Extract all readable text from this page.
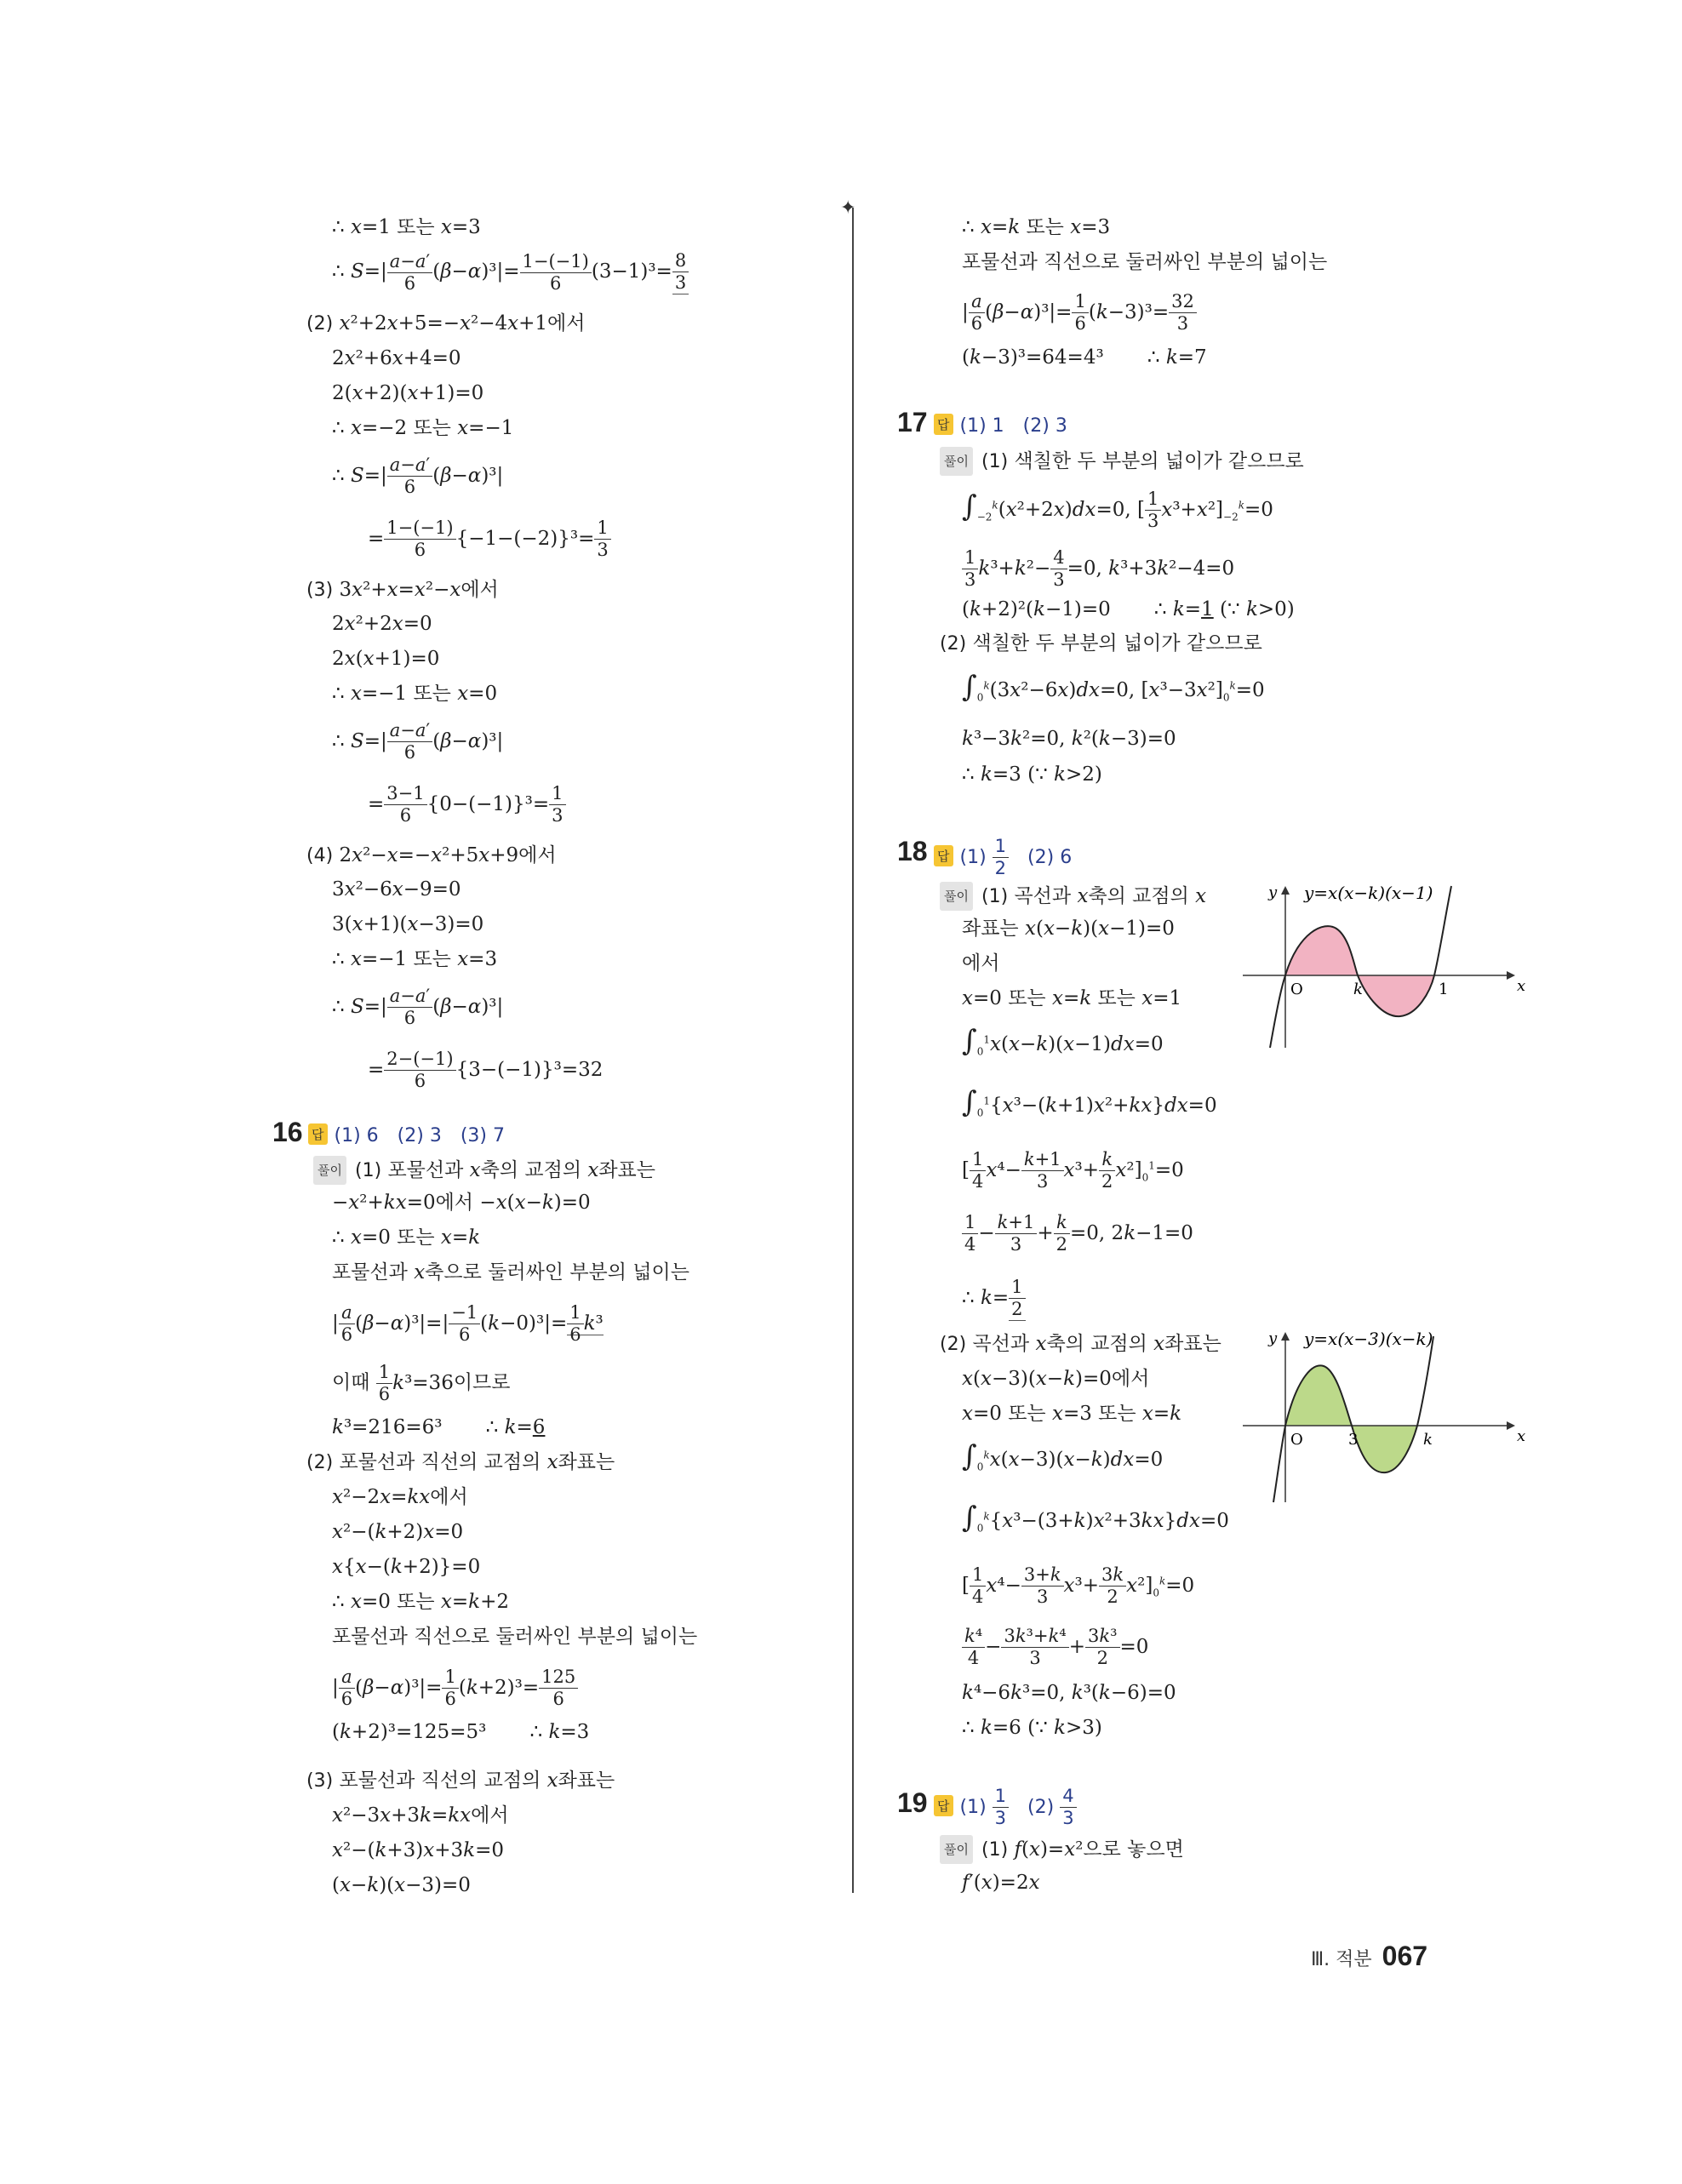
✦
∴ x=1 또는 x=3
∴ $S=| \frac{a-a'}{6} (\beta-\alpha)^3|= \frac{1-(-1)}{6} (3-1)^3= \frac{8}{3}$
(2) x²+2x+5=−x²−4x+1에서
2x²+6x+4=0
2(x+2)(x+1)=0
∴ x=−2 또는 x=−1
∴ $S=| \frac{a-a'}{6} (\beta-\alpha)^3|$
= $\frac{1-(-1)}{6} \{-1-(-2)\}^3= \frac{1}{3}$
(3) 3x²+x=x²−x에서
2x²+2x=0
2x(x+1)=0
∴ x=−1 또는 x=0
∴ $S=| \frac{a-a'}{6} (\beta-\alpha)^3|$
= $\frac{3-1}{6} \{0-(-1)\}^3= \frac{1}{3}$
(4) 2x²−x=−x²+5x+9에서
3x²−6x−9=0
3(x+1)(x−3)=0
∴ x=−1 또는 x=3
∴ $S=| \frac{a-a'}{6} (\beta-\alpha)^3|$
= $\frac{2-(-1)}{6} \{3-(-1)\}^3=32$
16 답 (1) 6 (2) 3 (3) 7
풀이 (1) 포물선과 x축의 교점의 x좌표는
−x²+kx=0에서 −x(x−k)=0
∴ x=0 또는 x=k
포물선과 x축으로 둘러싸인 부분의 넓이는
| $\frac{a}{6} (\beta-\alpha)^3|=| \frac{-1}{6} (k-0)^3|= \frac{1}{6} k^3$
이때 $\frac{1}{6} k^3=36$이므로
k³=216=6³       ∴ k=6
(2) 포물선과 직선의 교점의 x좌표는
x²−2x=kx에서
x²−(k+2)x=0
x{x−(k+2)}=0
∴ x=0 또는 x=k+2
포물선과 직선으로 둘러싸인 부분의 넓이는
| $\frac{a}{6} (\beta-\alpha)^3|= \frac{1}{6} (k+2)^3= \frac{125}{6}$
(k+2)³=125=5³       ∴ k=3
(3) 포물선과 직선의 교점의 x좌표는
x²−3x+3k=kx에서
x²−(k+3)x+3k=0
(x−k)(x−3)=0
∴ x=k 또는 x=3
포물선과 직선으로 둘러싸인 부분의 넓이는
| $\frac{a}{6} (\beta-\alpha)^3|= \frac{1}{6} (k-3)^3= \frac{32}{3}$
(k−3)³=64=4³       ∴ k=7
17 답 (1) 1 (2) 3
풀이 (1) 색칠한 두 부분의 넓이가 같으므로
$\int_{-2}^k(x^2+2x)dx=0$, [ $\frac{1}{3} x^3+x^2]_{-2}^k=0$
$\frac{1}{3} k^3+k^2- \frac{4}{3} =0$, k³+3k²−4=0
(k+2)²(k−1)=0       ∴ k=1 (∵ k>0)
(2) 색칠한 두 부분의 넓이가 같으므로
$\int_0^k(3x^2-6x)dx=0$, $[x^3-3x^2]_0^k=0$
k³−3k²=0, k²(k−3)=0
∴ k=3 (∵ k>2)
18 답 $(1) \frac{1}{2} (2)$ 6
풀이 (1) 곡선과 x축의 교점의 x
좌표는 x(x−k)(x−1)=0
에서
x=0 또는 x=k 또는 x=1
$\int_0^1x(x-k)(x-1)dx=0$
$\int_0^1\{x^3-(k+1)x^2+kx\}dx=0$
[ $\frac{1}{4} x^4- \frac{k+1}{3} x^3+ \frac{k}{2} x^2]_0^1=0$
$\frac{1}{4} - \frac{k+1}{3} + \frac{k}{2} =0$, 2k−1=0
∴ $k= \frac{1}{2}$
(2) 곡선과 x축의 교점의 x좌표는
x(x−3)(x−k)=0에서
x=0 또는 x=3 또는 x=k
$\int_0^kx(x-3)(x-k)dx=0$
$\int_0^k\{x^3-(3+k)x^2+3kx\}dx=0$
[ $\frac{1}{4} x^4- \frac{3+k}{3} x^3+ \frac{3k}{2} x^2]_0^k=0$
$\frac{\text{k⁴}}{4} - \frac{\text{3k³+k⁴}}{3} + \frac{\text{3k³}}{2} =0$
k⁴−6k³=0, k³(k−6)=0
∴ k=6 (∵ k>3)
y y=x(x−k)(x−1)
O	k	1	x
y y=x(x−3)(x−k)
O	3	k	x
19 답 $(1) \frac{1}{3} (2) \frac{4}{3}$
풀이 (1) f(x)=x²으로 놓으면
f′(x)=2x
Ⅲ. 적분 067
